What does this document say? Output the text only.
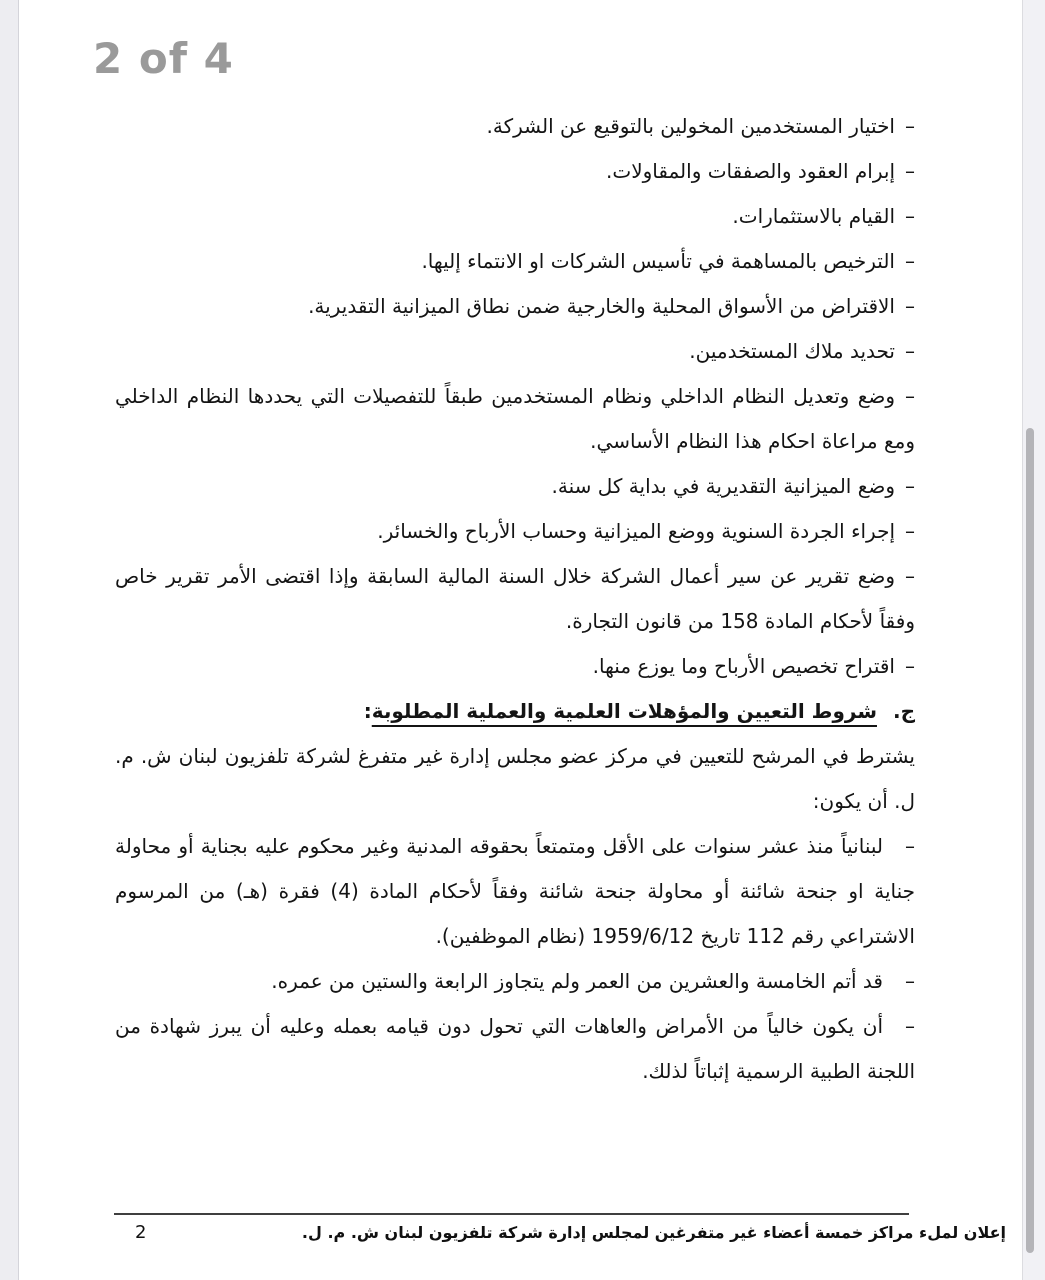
2 of 4

–اختيار المستخدمين المخولين بالتوقيع عن الشركة.

–إبرام العقود والصفقات والمقاولات.

–القيام بالاستثمارات.

–الترخيص بالمساهمة في تأسيس الشركات او الانتماء إليها.

–الاقتراض من الأسواق المحلية والخارجية ضمن نطاق الميزانية التقديرية.

–تحديد ملاك المستخدمين.

–وضع وتعديل النظام الداخلي ونظام المستخدمين طبقاً للتفصيلات التي يحددها النظام الداخلي ومع مراعاة احكام هذا النظام الأساسي.

–وضع الميزانية التقديرية في بداية كل سنة.

–إجراء الجردة السنوية ووضع الميزانية وحساب الأرباح والخسائر.

–وضع تقرير عن سير أعمال الشركة خلال السنة المالية السابقة وإذا اقتضى الأمر تقرير خاص وفقاً لأحكام المادة 158 من قانون التجارة.

–اقتراح تخصيص الأرباح وما يوزع منها.

ج.شروط التعيين والمؤهلات العلمية والعملية المطلوبة:

يشترط في المرشح للتعيين في مركز عضو مجلس إدارة غير متفرغ لشركة تلفزيون لبنان ش. م. ل. أن يكون:

–لبنانياً منذ عشر سنوات على الأقل ومتمتعاً بحقوقه المدنية وغير محكوم عليه بجناية أو محاولة جناية او جنحة شائنة أو محاولة جنحة شائنة وفقاً لأحكام المادة (4) فقرة (هـ) من المرسوم الاشتراعي رقم 112 تاريخ 1959/6/12 (نظام الموظفين).

–قد أتم الخامسة والعشرين من العمر ولم يتجاوز الرابعة والستين من عمره.

–أن يكون خالياً من الأمراض والعاهات التي تحول دون قيامه بعمله وعليه أن يبرز شهادة من اللجنة الطبية الرسمية إثباتاً لذلك.

إعلان لملء مراكز خمسة أعضاء غير متفرغين لمجلس إدارة شركة تلفزيون لبنان ش. م. ل.
2
